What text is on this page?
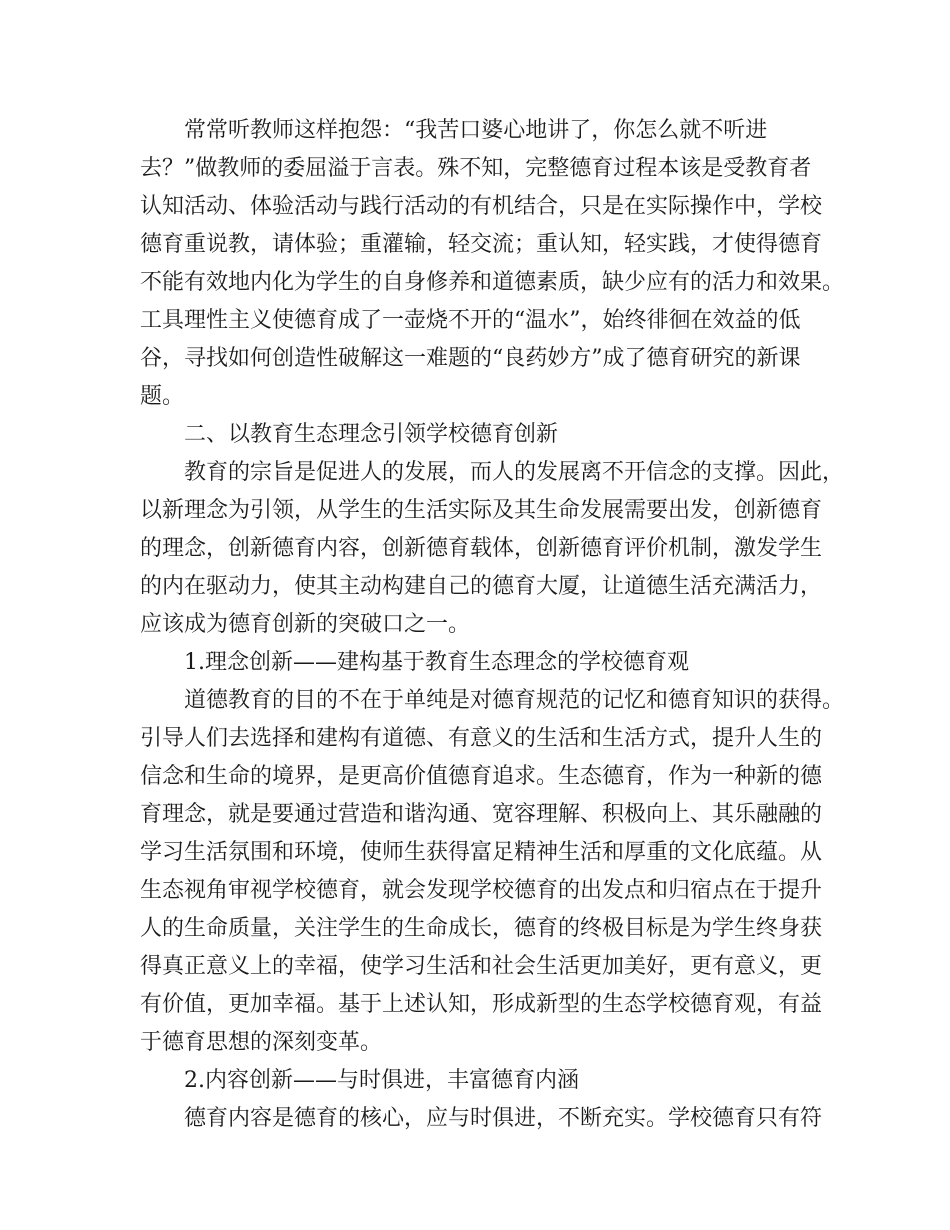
常常听教师这样抱怨：“我苦口婆心地讲了，你怎么就不听进
去？”做教师的委屈溢于言表。殊不知，完整德育过程本该是受教育者
认知活动、体验活动与践行活动的有机结合，只是在实际操作中，学校
德育重说教，请体验；重灌输，轻交流；重认知，轻实践，才使得德育
不能有效地内化为学生的自身修养和道德素质，缺少应有的活力和效果。
工具理性主义使德育成了一壶烧不开的“温水”，始终徘徊在效益的低
谷，寻找如何创造性破解这一难题的“良药妙方”成了德育研究的新课
题。
二、以教育生态理念引领学校德育创新
教育的宗旨是促进人的发展，而人的发展离不开信念的支撑。因此，
以新理念为引领，从学生的生活实际及其生命发展需要出发，创新德育
的理念，创新德育内容，创新德育载体，创新德育评价机制，激发学生
的内在驱动力，使其主动构建自己的德育大厦，让道德生活充满活力，
应该成为德育创新的突破口之一。
1.理念创新——建构基于教育生态理念的学校德育观
道德教育的目的不在于单纯是对德育规范的记忆和德育知识的获得。
引导人们去选择和建构有道德、有意义的生活和生活方式，提升人生的
信念和生命的境界，是更高价值德育追求。生态德育，作为一种新的德
育理念，就是要通过营造和谐沟通、宽容理解、积极向上、其乐融融的
学习生活氛围和环境，使师生获得富足精神生活和厚重的文化底蕴。从
生态视角审视学校德育，就会发现学校德育的出发点和归宿点在于提升
人的生命质量，关注学生的生命成长，德育的终极目标是为学生终身获
得真正意义上的幸福，使学习生活和社会生活更加美好，更有意义，更
有价值，更加幸福。基于上述认知，形成新型的生态学校德育观，有益
于德育思想的深刻变革。
2.内容创新——与时俱进，丰富德育内涵
德育内容是德育的核心，应与时俱进，不断充实。学校德育只有符
